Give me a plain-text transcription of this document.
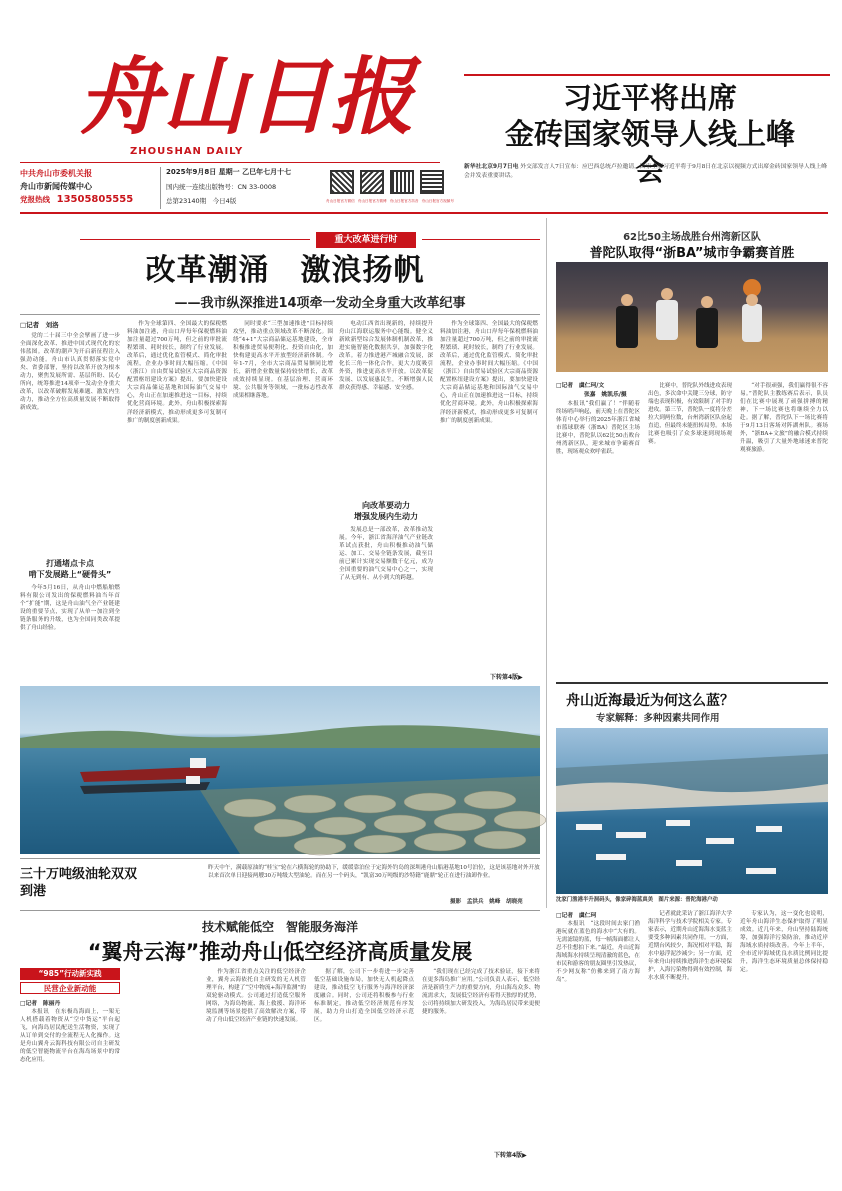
舟山日报
ZHOUSHAN DAILY
中共舟山市委机关报
舟山市新闻传媒中心
党报热线 13505805555
2025年9月8日 星期一 乙巳年七月十七
国内统一连续出版物号：CN 33-0008
总第23140期　今日4版	舟山日报官方微信 舟山日报官方微博 舟山日报官方抖音 舟山日报官方视频号
习近平将出席
金砖国家领导人线上峰会
新华社北京9月7日电 外交部发言人7日宣布：应巴西总统卢拉邀请，国家主席习近平将于9月8日在北京以视频方式出席金砖国家领导人线上峰会并发表重要讲话。
重大改革进行时
改革潮涌　激浪扬帆
——我市纵深推进14项牵一发动全身重大改革纪事
□记者　刘洛

党的二十届三中全会擘画了进一步全面深化改革、推进中国式现代化的宏伟蓝图。改革的潮声为开启新征程注入强劲动能。舟山市认真贯彻落实党中央、省委部署，坚持以改革开放为根本动力，聚焦发展所需、基层所盼、民心所向，统筹推进14项牵一发动全身重大改革，以改革破解发展难题、激发内生动力，推动全方位高质量发展不断取得新成效。

打通堵点卡点
啃下发展路上“硬骨头”

今年5月16日，从舟山中燃船舶燃料有限公司发出的保税燃料油当年首个“扩能”期，这是舟山油气全产业链建设的重要节点，实现了从单一加注到全链条服务的升级，也为全国同类改革提供了舟山经验。

作为全球第四、全国最大的保税燃料油加注港，舟山口岸每年保税燃料油加注量超过700万吨，但之前的审批流程繁琐、耗时较长，制约了行业发展。改革后，通过优化监管模式、简化审批流程，企业办事时间大幅压缩。《中国（浙江）自由贸易试验区大宗商品资源配置枢纽建设方案》提出，要加快建设大宗商品储运基地和国际油气交易中心，舟山正在加速推进这一目标，持续优化营商环境。此外，舟山积极探索海洋经济新模式，推动形成更多可复制可推广的制度创新成果。

同时要求“三型加速推进”目标持续攻坚，推动重点领域改革不断深化。围绕“4+1”大宗商品储运基地建设，全市积极推进贸易便利化、投资自由化，加快构建更高水平开放型经济新体制。今年1-7月，全市大宗商品贸易额同比增长，新增企业数量保持较快增长，改革成效持续显现。在基层治理、营商环境、公共服务等领域，一批标志性改革成果相继落地。

电动江西省出现新的，持续提升舟山江海联运服务中心能级。健全义新欧新型综合发展体制机制改革，推进实施智能化数据共享，加强数字化改革。着力推进港产城融合发展，深化长三角一体化合作，更大力度吸引外资，推进更高水平开放。以改革促发展、以发展惠民生，不断增强人民群众获得感、幸福感、安全感。

向改革要动力
增强发展内生动力

发展总是一部改革，改革推动发展。今年，浙江省海洋油气产业链改革试点获批，舟山积极推动油气储运、加工、交易全链条发展，截至目前已累计实现交易额数千亿元，成为全国重要的油气交易中心之一，实现了从无到有、从小到大的跨越。

作为全球第四、全国最大的保税燃料油加注港，舟山口岸每年保税燃料油加注量超过700万吨，但之前的审批流程繁琐、耗时较长，制约了行业发展。改革后，通过优化监管模式、简化审批流程，企业办事时间大幅压缩。《中国（浙江）自由贸易试验区大宗商品资源配置枢纽建设方案》提出，要加快建设大宗商品储运基地和国际油气交易中心，舟山正在加速推进这一目标，持续优化营商环境。此外，舟山积极探索海洋经济新模式，推动形成更多可复制可推广的制度创新成果。

下转第4版▶
三十万吨级油轮双双到港
昨天中午，满载原油的“桂宝”轮在六横海轮的协助下，缓缓靠泊位于定海外钓岛的深圳港舟山船港基地10号泊位，这是该基地对外开放以来首次单日迎接两艘30万吨级大型油轮。而在另一个码头，“凯富30万吨级的沙特籍“鹿鼎”轮正在进行油卸作业。
摄影　孟洪兵　姚峰　胡晓亮
62比50主场战胜台州湾新区队
普陀队取得“浙BA”城市争霸赛首胜
□记者　虞仁珂/文
张嘉　姚凯乐/摄

本报讯“我们赢了！”伴随着终场哨声响起，前天晚上在普陀区体育中心举行的2025年浙江省城市篮球联赛（浙BA）普陀区主场比赛中，普陀队以62比50击败台州湾新区队，迎来城市争霸赛首胜，现场观众欢呼雀跃。

比赛中，普陀队外线进攻表现出色，多次命中关键三分球，防守端也表现积极，有效限制了对手的进攻。第三节，普陀队一度将分差拉大到两位数，台州湾新区队奋起直追，但最终未能扭转局势。本场比赛也吸引了众多球迷到现场观赛。

“对手很顽强，我们赢得很不容易。”普陀队主教练赛后表示，队员们在比赛中展现了顽强拼搏的精神，下一场比赛也将继续全力以赴。据了解，普陀队下一场比赛将于9月13日客场对阵湖州队。赛场外，“浙BA+文旅”的融合模式持续升温，吸引了大量外地球迷来普陀观赛旅游。

舟山近海最近为何这么蓝？
专家解释：多种因素共同作用
沈家门渔港半升洞码头，像家碎海蓝真美　图片来源：普陀海港户动
□记者　虞仁珂

本报讯　“这段时间去家门渔港玩就在蓝色的海水中“大有的。无需滤镜的蓝，每一帧海面都让人忍不住想拍下来。”最近，舟山近海海域海水持续呈现清澈的蓝色，在市民和游客的朋友圈里引发热议，不少网友称“仿佛来到了南方海岛”。

记者就此采访了浙江海洋大学海洋科学与技术学院相关专家。专家表示，近期舟山近海海水变蓝主要受多种因素共同作用。一方面，近期台风较少，海况相对平稳，海水中悬浮泥沙减少；另一方面，近年来舟山持续推进海洋生态环境保护，入海污染物得到有效控制，海水水质不断提升。

专家认为，这一变化也说明，近年舟山海洋生态保护取得了明显成效。近几年来，舟山坚持陆海统筹，加强海洋污染防治，推动近岸海域水质持续改善。今年上半年，全市近岸海域优良水质比例同比提升，海洋生态环境质量总体保持稳定。

技术赋能低空　智能服务海洋
“翼舟云海”推动舟山低空经济高质量发展
“985”行动新实践
民营企业新动能
□记者　陈丽丹

本报讯　在东极岛海面上，一架无人机搭载着物资从“空中货运”平台起飞，向海岛居民配送生活物资，实现了从订单到交付的全流程无人化操作。这是舟山翼舟云海科技有限公司自主研发的低空智能物流平台在海岛场景中的常态化应用。

作为浙江省重点关注的低空经济企业，翼舟云海依托自主研发的无人机管理平台，构建了“空中物流+海洋监测”的双轮驱动模式。公司通过打造低空服务网络，为海岛物流、海上救援、海洋环境监测等场景提供了高效解决方案，带动了舟山低空经济产业链的快速发展。

据了解，公司下一步将进一步完善低空基础设施布局，加快无人机起降点建设，推动低空飞行服务与海洋经济深度融合。同时，公司还将积极参与行业标准制定，推动低空经济规范有序发展，助力舟山打造全国低空经济示范区。

“我们现在已经完成了技术验证，接下来将在更多海岛推广应用。”公司负责人表示，低空经济是新质生产力的重要方向，舟山海岛众多、物流需求大，发展低空经济有着得天独厚的优势，公司将持续加大研发投入，为海岛居民带来更便捷的服务。

下转第4版▶
